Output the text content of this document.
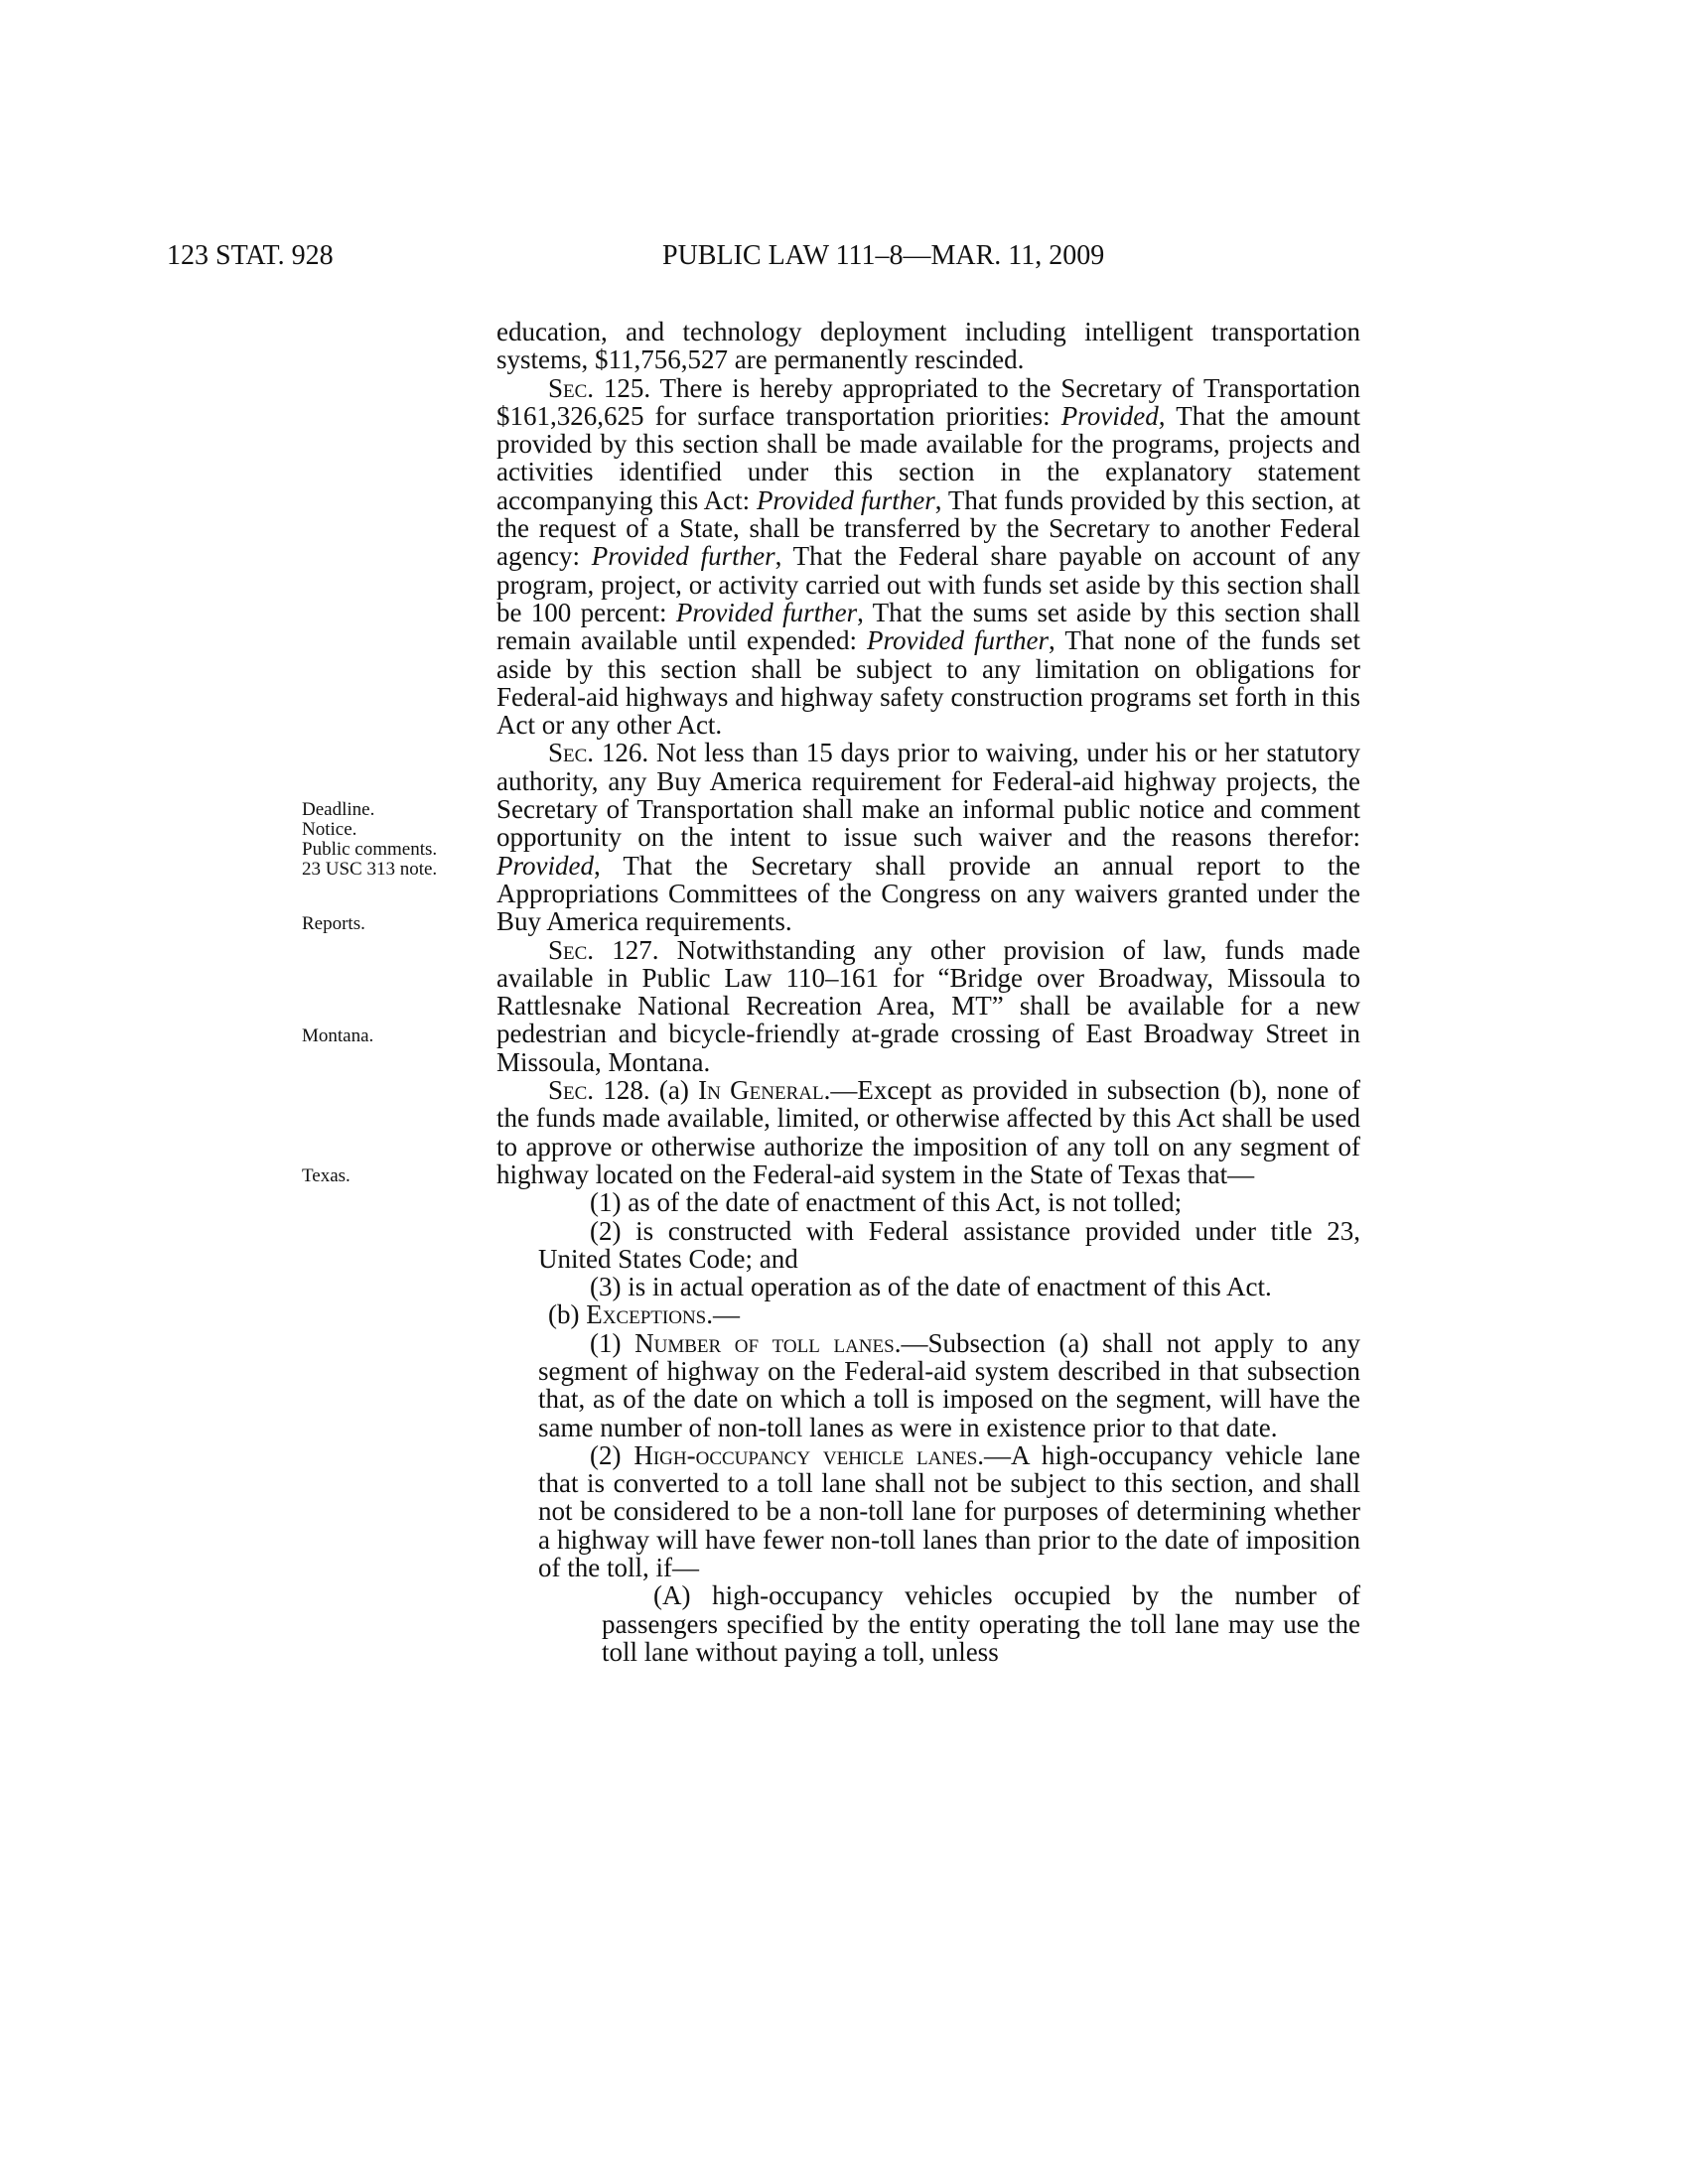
123 STAT. 928	PUBLIC LAW 111–8—MAR. 11, 2009
Deadline.
Notice.
Public comments.
23 USC 313 note.
Reports.
Montana.
Texas.

education, and technology deployment including intelligent transportation systems, $11,756,527 are permanently rescinded.

Sec. 125. There is hereby appropriated to the Secretary of Transportation $161,326,625 for surface transportation priorities: Provided, That the amount provided by this section shall be made available for the programs, projects and activities identified under this section in the explanatory statement accompanying this Act: Provided further, That funds provided by this section, at the request of a State, shall be transferred by the Secretary to another Federal agency: Provided further, That the Federal share payable on account of any program, project, or activity carried out with funds set aside by this section shall be 100 percent: Provided further, That the sums set aside by this section shall remain available until expended: Provided further, That none of the funds set aside by this section shall be subject to any limitation on obligations for Federal-aid highways and highway safety construction programs set forth in this Act or any other Act.

Sec. 126. Not less than 15 days prior to waiving, under his or her statutory authority, any Buy America requirement for Federal-aid highway projects, the Secretary of Transportation shall make an informal public notice and comment opportunity on the intent to issue such waiver and the reasons therefor: Provided, That the Secretary shall provide an annual report to the Appropriations Committees of the Congress on any waivers granted under the Buy America requirements.

Sec. 127. Notwithstanding any other provision of law, funds made available in Public Law 110–161 for “Bridge over Broadway, Missoula to Rattlesnake National Recreation Area, MT” shall be available for a new pedestrian and bicycle-friendly at-grade crossing of East Broadway Street in Missoula, Montana.

Sec. 128. (a) In General.—Except as provided in subsection (b), none of the funds made available, limited, or otherwise affected by this Act shall be used to approve or otherwise authorize the imposition of any toll on any segment of highway located on the Federal-aid system in the State of Texas that—

(1) as of the date of enactment of this Act, is not tolled;

(2) is constructed with Federal assistance provided under title 23, United States Code; and

(3) is in actual operation as of the date of enactment of this Act.

(b) Exceptions.—

(1) Number of toll lanes.—Subsection (a) shall not apply to any segment of highway on the Federal-aid system described in that subsection that, as of the date on which a toll is imposed on the segment, will have the same number of non-toll lanes as were in existence prior to that date.

(2) High-occupancy vehicle lanes.—A high-occupancy vehicle lane that is converted to a toll lane shall not be subject to this section, and shall not be considered to be a non-toll lane for purposes of determining whether a highway will have fewer non-toll lanes than prior to the date of imposition of the toll, if—

(A) high-occupancy vehicles occupied by the number of passengers specified by the entity operating the toll lane may use the toll lane without paying a toll, unless
